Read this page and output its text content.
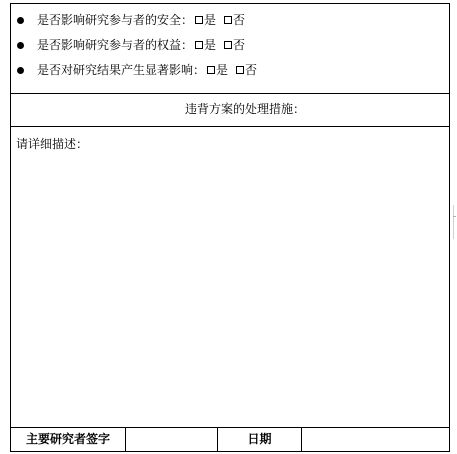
是否影响研究参与者的安全： 是 否
是否影响研究参与者的权益： 是 否
是否对研究结果产生显著影响： 是 否
违背方案的处理措施：
请详细描述：
主要研究者签字	日期
